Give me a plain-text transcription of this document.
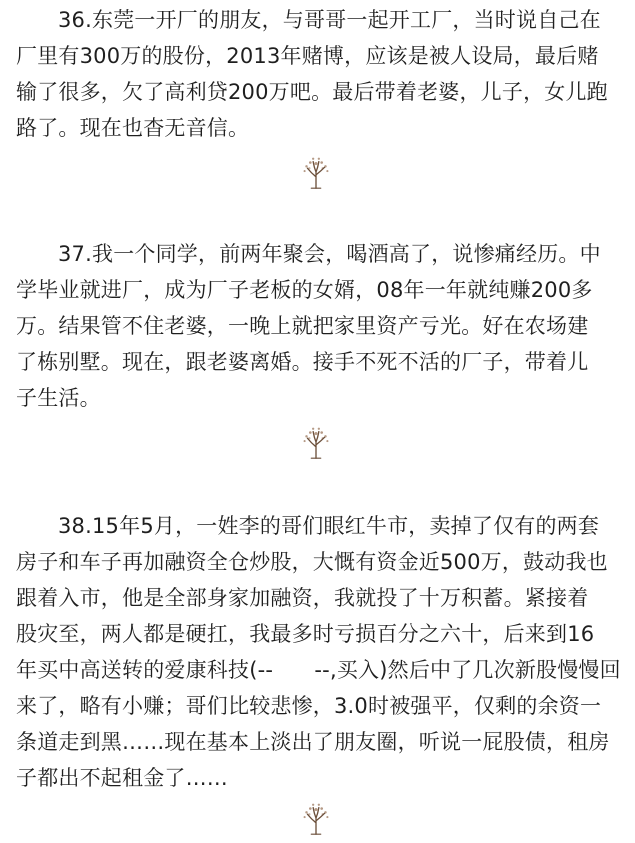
36.东莞一开厂的朋友，与哥哥一起开工厂，当时说自己在
厂里有300万的股份，2013年赌博，应该是被人设局，最后赌
输了很多，欠了高利贷200万吧。最后带着老婆，儿子，女儿跑
路了。现在也杳无音信。

37.我一个同学，前两年聚会，喝酒高了，说惨痛经历。中
学毕业就进厂，成为厂子老板的女婿，08年一年就纯赚200多
万。结果管不住老婆，一晚上就把家里资产亏光。好在农场建
了栋别墅。现在，跟老婆离婚。接手不死不活的厂子，带着儿
子生活。

38.15年5月，一姓李的哥们眼红牛市，卖掉了仅有的两套
房子和车子再加融资全仓炒股，大慨有资金近500万，鼓动我也
跟着入市，他是全部身家加融资，我就投了十万积蓄。紧接着
股灾至，两人都是硬扛，我最多时亏损百分之六十，后来到16
年买中高送转的爱康科技(--      --,买入)然后中了几次新股慢慢回
来了，略有小赚；哥们比较悲惨，3.0时被强平，仅剩的余资一
条道走到黑……现在基本上淡出了朋友圈，听说一屁股债，租房
子都出不起租金了……
